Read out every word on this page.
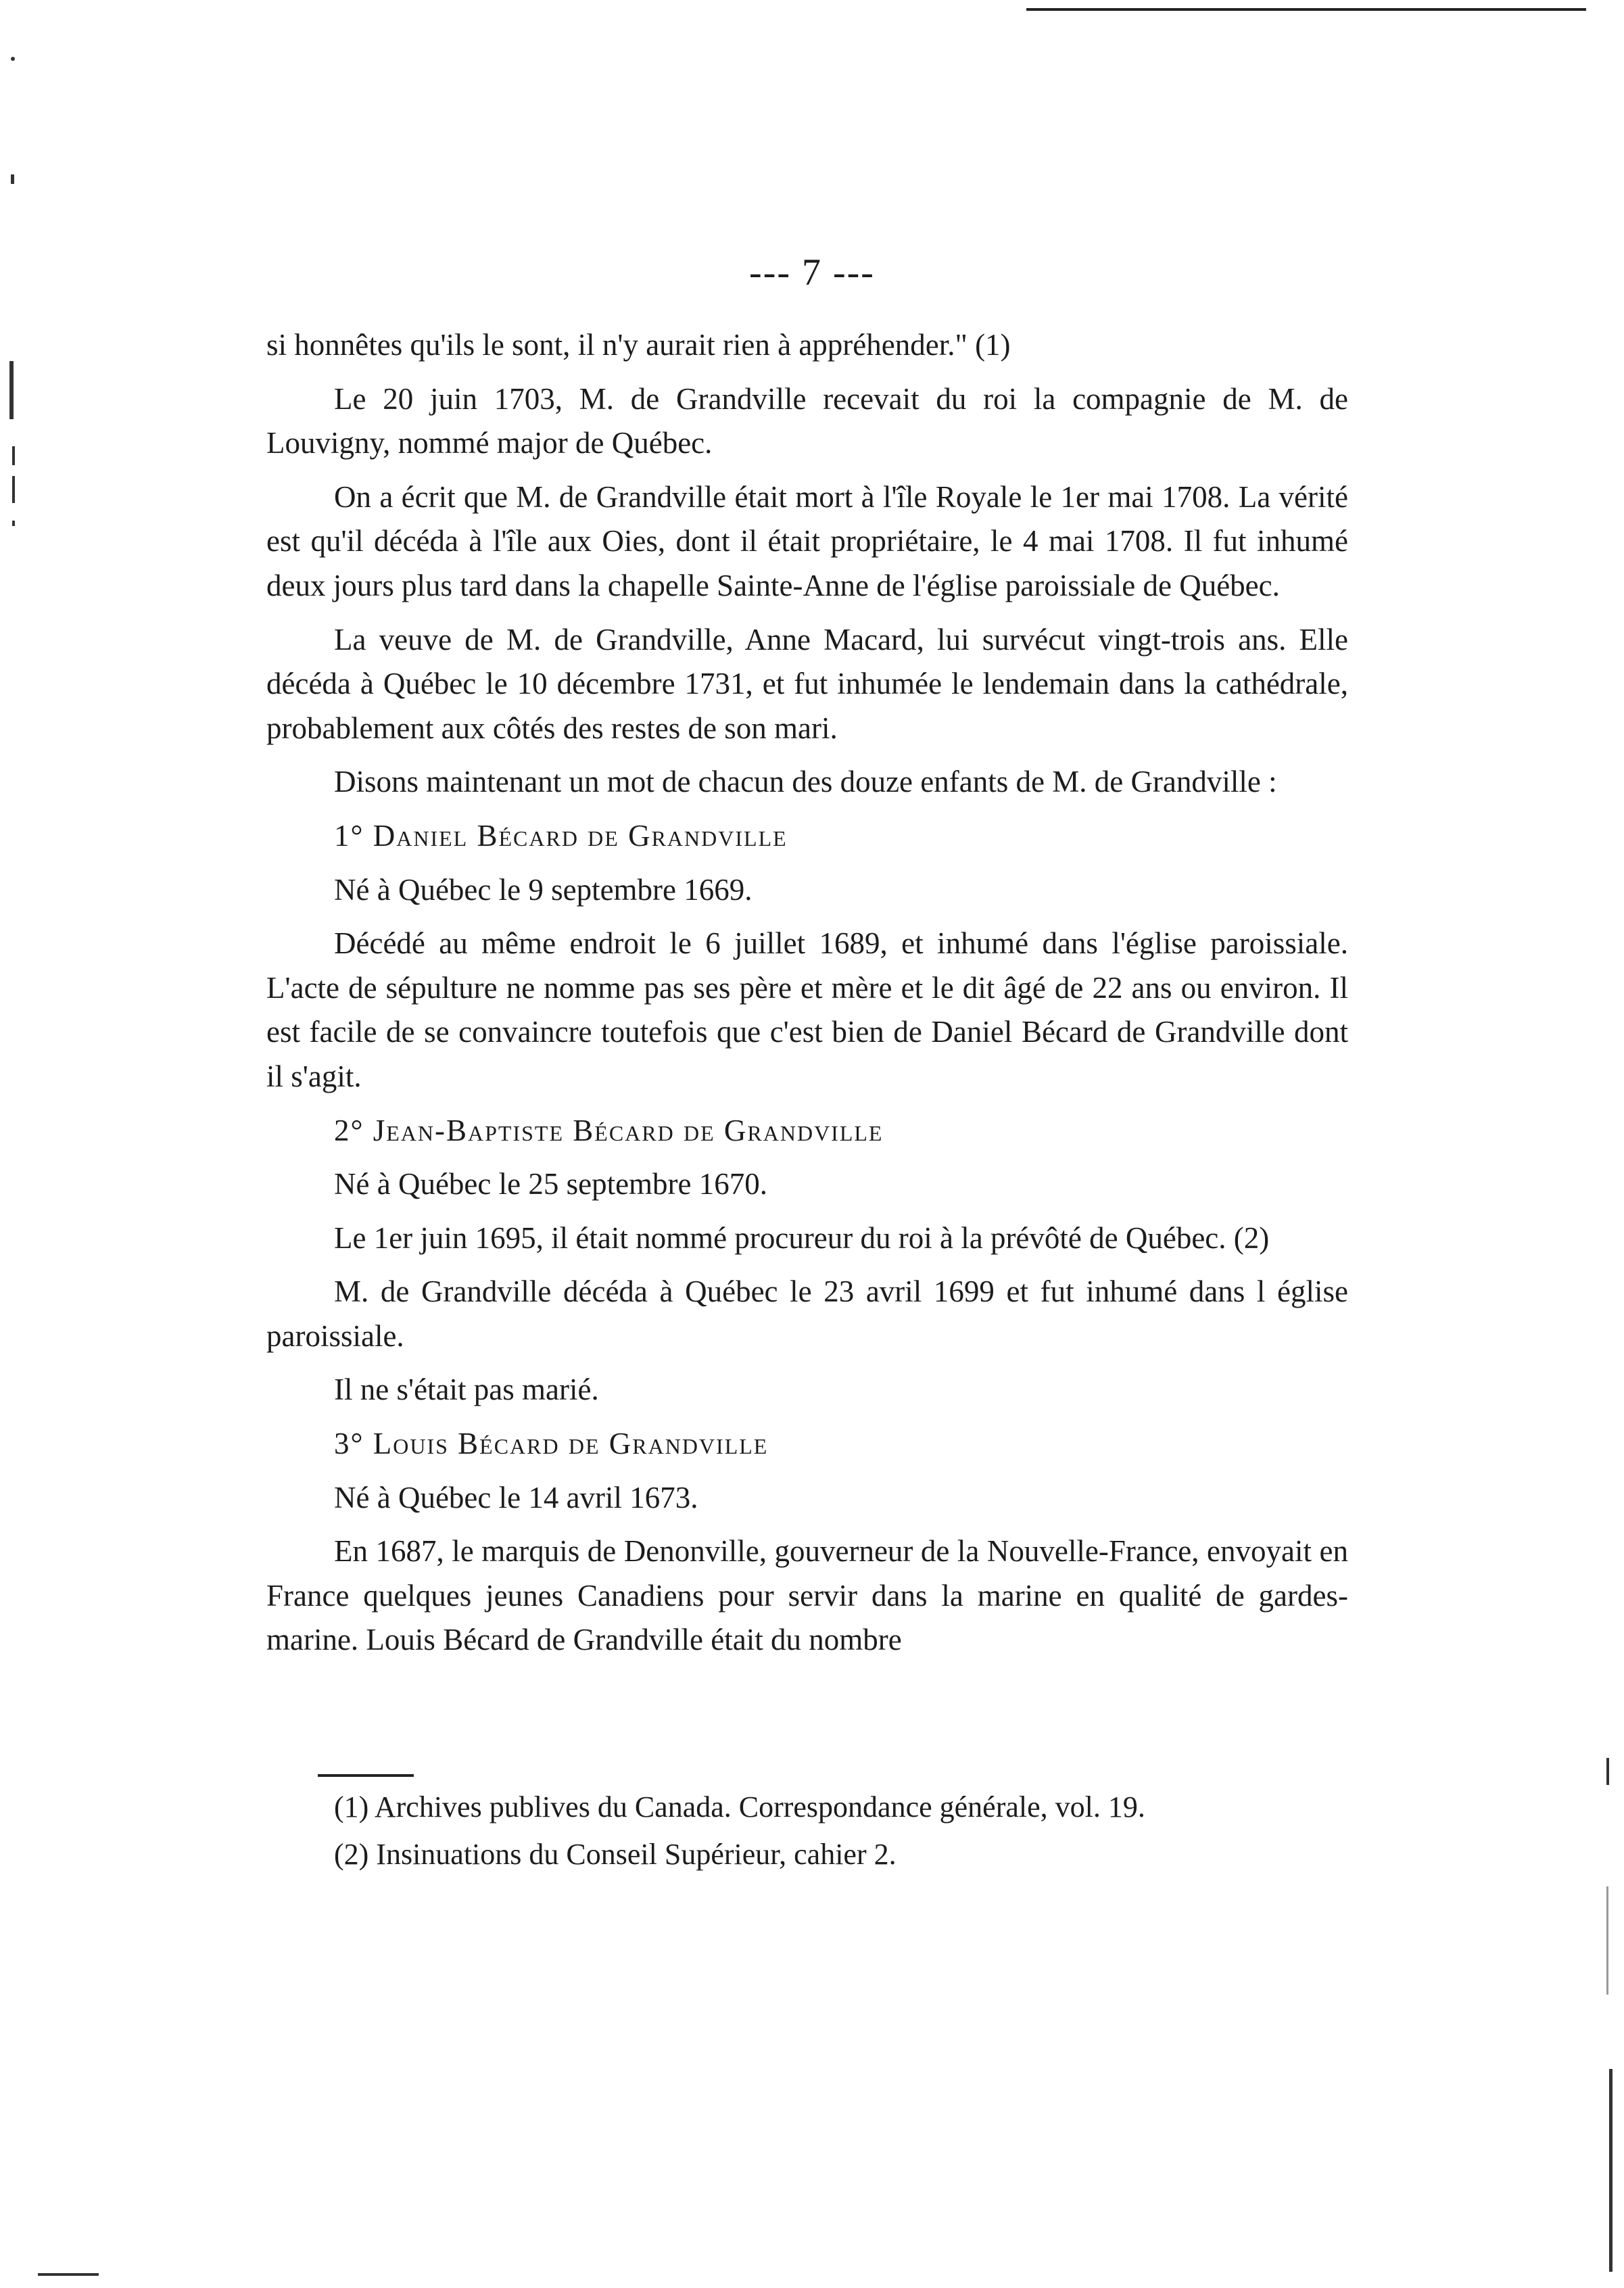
--- 7 ---

si honnêtes qu'ils le sont, il n'y aurait rien à appréhender." (1)

Le 20 juin 1703, M. de Grandville recevait du roi la compagnie de M. de Louvigny, nommé major de Québec.

On a écrit que M. de Grandville était mort à l'île Royale le 1er mai 1708. La vérité est qu'il décéda à l'île aux Oies, dont il était propriétaire, le 4 mai 1708. Il fut inhumé deux jours plus tard dans la chapelle Sainte-Anne de l'église paroissiale de Québec.

La veuve de M. de Grandville, Anne Macard, lui survécut vingt-trois ans. Elle décéda à Québec le 10 décembre 1731, et fut inhumée le lendemain dans la cathédrale, probablement aux côtés des restes de son mari.

Disons maintenant un mot de chacun des douze enfants de M. de Grandville :

1° Daniel Bécard de Grandville

Né à Québec le 9 septembre 1669.

Décédé au même endroit le 6 juillet 1689, et inhumé dans l'église paroissiale. L'acte de sépulture ne nomme pas ses père et mère et le dit âgé de 22 ans ou environ. Il est facile de se convaincre toutefois que c'est bien de Daniel Bécard de Grandville dont il s'agit.

2° Jean-Baptiste Bécard de Grandville

Né à Québec le 25 septembre 1670.

Le 1er juin 1695, il était nommé procureur du roi à la prévôté de Québec. (2)

M. de Grandville décéda à Québec le 23 avril 1699 et fut inhumé dans l église paroissiale.

Il ne s'était pas marié.

3° Louis Bécard de Grandville

Né à Québec le 14 avril 1673.

En 1687, le marquis de Denonville, gouverneur de la Nouvelle-France, envoyait en France quelques jeunes Canadiens pour servir dans la marine en qualité de gardes-marine. Louis Bécard de Grandville était du nombre

(1) Archives publives du Canada. Correspondance générale, vol. 19.

(2) Insinuations du Conseil Supérieur, cahier 2.
